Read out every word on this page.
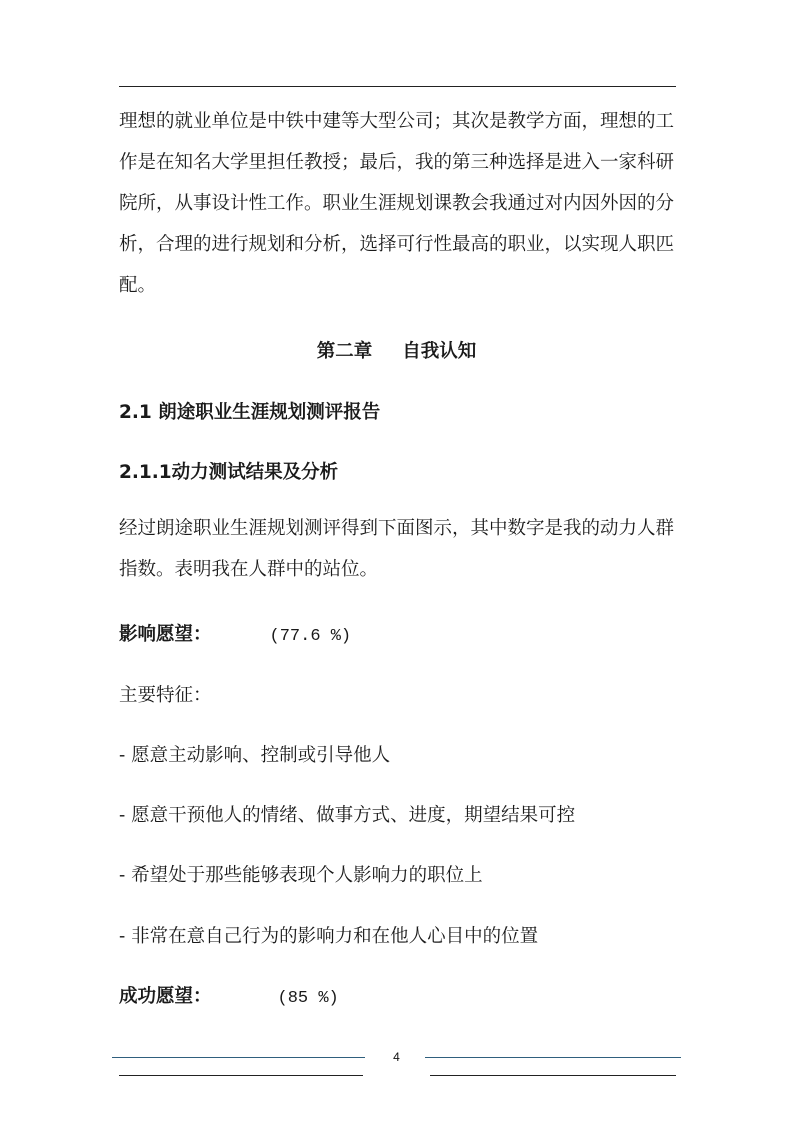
理想的就业单位是中铁中建等大型公司；其次是教学方面，理想的工
作是在知名大学里担任教授；最后，我的第三种选择是进入一家科研
院所，从事设计性工作。职业生涯规划课教会我通过对内因外因的分
析，合理的进行规划和分析，选择可行性最高的职业，以实现人职匹
配。
第二章 自我认知
2.1 朗途职业生涯规划测评报告
2.1.1动力测试结果及分析
经过朗途职业生涯规划测评得到下面图示，其中数字是我的动力人群
指数。表明我在人群中的站位。
影响愿望：	(77.6 %)
主要特征：
- 愿意主动影响、控制或引导他人
- 愿意干预他人的情绪、做事方式、进度，期望结果可控
- 希望处于那些能够表现个人影响力的职位上
- 非常在意自己行为的影响力和在他人心目中的位置
成功愿望：	(85 %)
4
